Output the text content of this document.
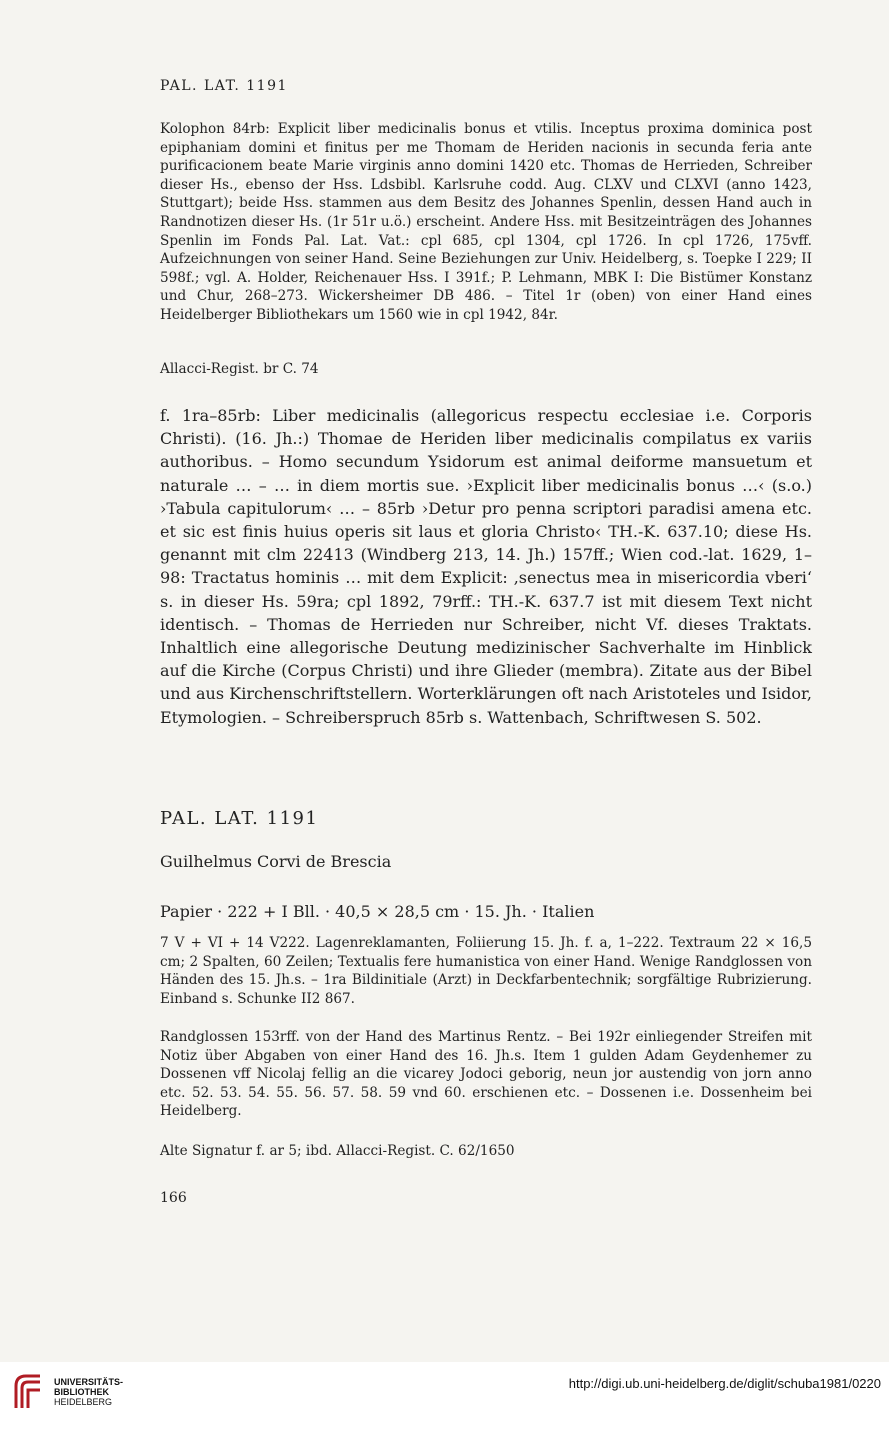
PAL. LAT. 1191
Kolophon 84rb: Explicit liber medicinalis bonus et vtilis. Inceptus proxima dominica post epiphaniam domini et finitus per me Thomam de Heriden nacionis in secunda feria ante purificacionem beate Marie virginis anno domini 1420 etc. Thomas de Herrieden, Schreiber dieser Hs., ebenso der Hss. Ldsbibl. Karlsruhe codd. Aug. CLXV und CLXVI (anno 1423, Stuttgart); beide Hss. stammen aus dem Besitz des Johannes Spenlin, dessen Hand auch in Randnotizen dieser Hs. (1r 51r u.ö.) erscheint. Andere Hss. mit Besitzeinträgen des Johannes Spenlin im Fonds Pal. Lat. Vat.: cpl 685, cpl 1304, cpl 1726. In cpl 1726, 175vff. Aufzeichnungen von seiner Hand. Seine Beziehungen zur Univ. Heidelberg, s. Toepke I 229; II 598f.; vgl. A. Holder, Reichenauer Hss. I 391f.; P. Lehmann, MBK I: Die Bistümer Konstanz und Chur, 268–273. Wickersheimer DB 486. – Titel 1r (oben) von einer Hand eines Heidelberger Bibliothekars um 1560 wie in cpl 1942, 84r.
Allacci-Regist. br C. 74
f. 1ra–85rb: Liber medicinalis (allegoricus respectu ecclesiae i.e. Corporis Christi). (16. Jh.:) Thomae de Heriden liber medicinalis compilatus ex variis authoribus. – Homo secundum Ysidorum est animal deiforme mansuetum et naturale … – … in diem mortis sue. ›Explicit liber medicinalis bonus …‹ (s.o.) ›Tabula capitulorum‹ … – 85rb ›Detur pro penna scriptori paradisi amena etc. et sic est finis huius operis sit laus et gloria Christo‹ TH.-K. 637.10; diese Hs. genannt mit clm 22413 (Windberg 213, 14. Jh.) 157ff.; Wien cod.-lat. 1629, 1–98: Tractatus hominis … mit dem Explicit: ‚senectus mea in misericordia vberi‘ s. in dieser Hs. 59ra; cpl 1892, 79rff.: TH.-K. 637.7 ist mit diesem Text nicht identisch. – Thomas de Herrieden nur Schreiber, nicht Vf. dieses Traktats. Inhaltlich eine allegorische Deutung medizinischer Sachverhalte im Hinblick auf die Kirche (Corpus Christi) und ihre Glieder (membra). Zitate aus der Bibel und aus Kirchenschriftstellern. Worterklärungen oft nach Aristoteles und Isidor, Etymologien. – Schreiberspruch 85rb s. Wattenbach, Schriftwesen S. 502.
PAL. LAT. 1191
Guilhelmus Corvi de Brescia
Papier · 222 + I Bll. · 40,5 × 28,5 cm · 15. Jh. · Italien
7 V + VI + 14 V222. Lagenreklamanten, Foliierung 15. Jh. f. a, 1–222. Textraum 22 × 16,5 cm; 2 Spalten, 60 Zeilen; Textualis fere humanistica von einer Hand. Wenige Randglossen von Händen des 15. Jh.s. – 1ra Bildinitiale (Arzt) in Deckfarbentechnik; sorgfältige Rubrizierung. Einband s. Schunke II2 867.
Randglossen 153rff. von der Hand des Martinus Rentz. – Bei 192r einliegender Streifen mit Notiz über Abgaben von einer Hand des 16. Jh.s. Item 1 gulden Adam Geydenhemer zu Dossenen vff Nicolaj fellig an die vicarey Jodoci geborig, neun jor austendig von jorn anno etc. 52. 53. 54. 55. 56. 57. 58. 59 vnd 60. erschienen etc. – Dossenen i.e. Dossenheim bei Heidelberg.
Alte Signatur f. ar 5; ibd. Allacci-Regist. C. 62/1650
166
UNIVERSITÄTS-
BIBLIOTHEK
HEIDELBERG
http://digi.ub.uni-heidelberg.de/diglit/schuba1981/0220
